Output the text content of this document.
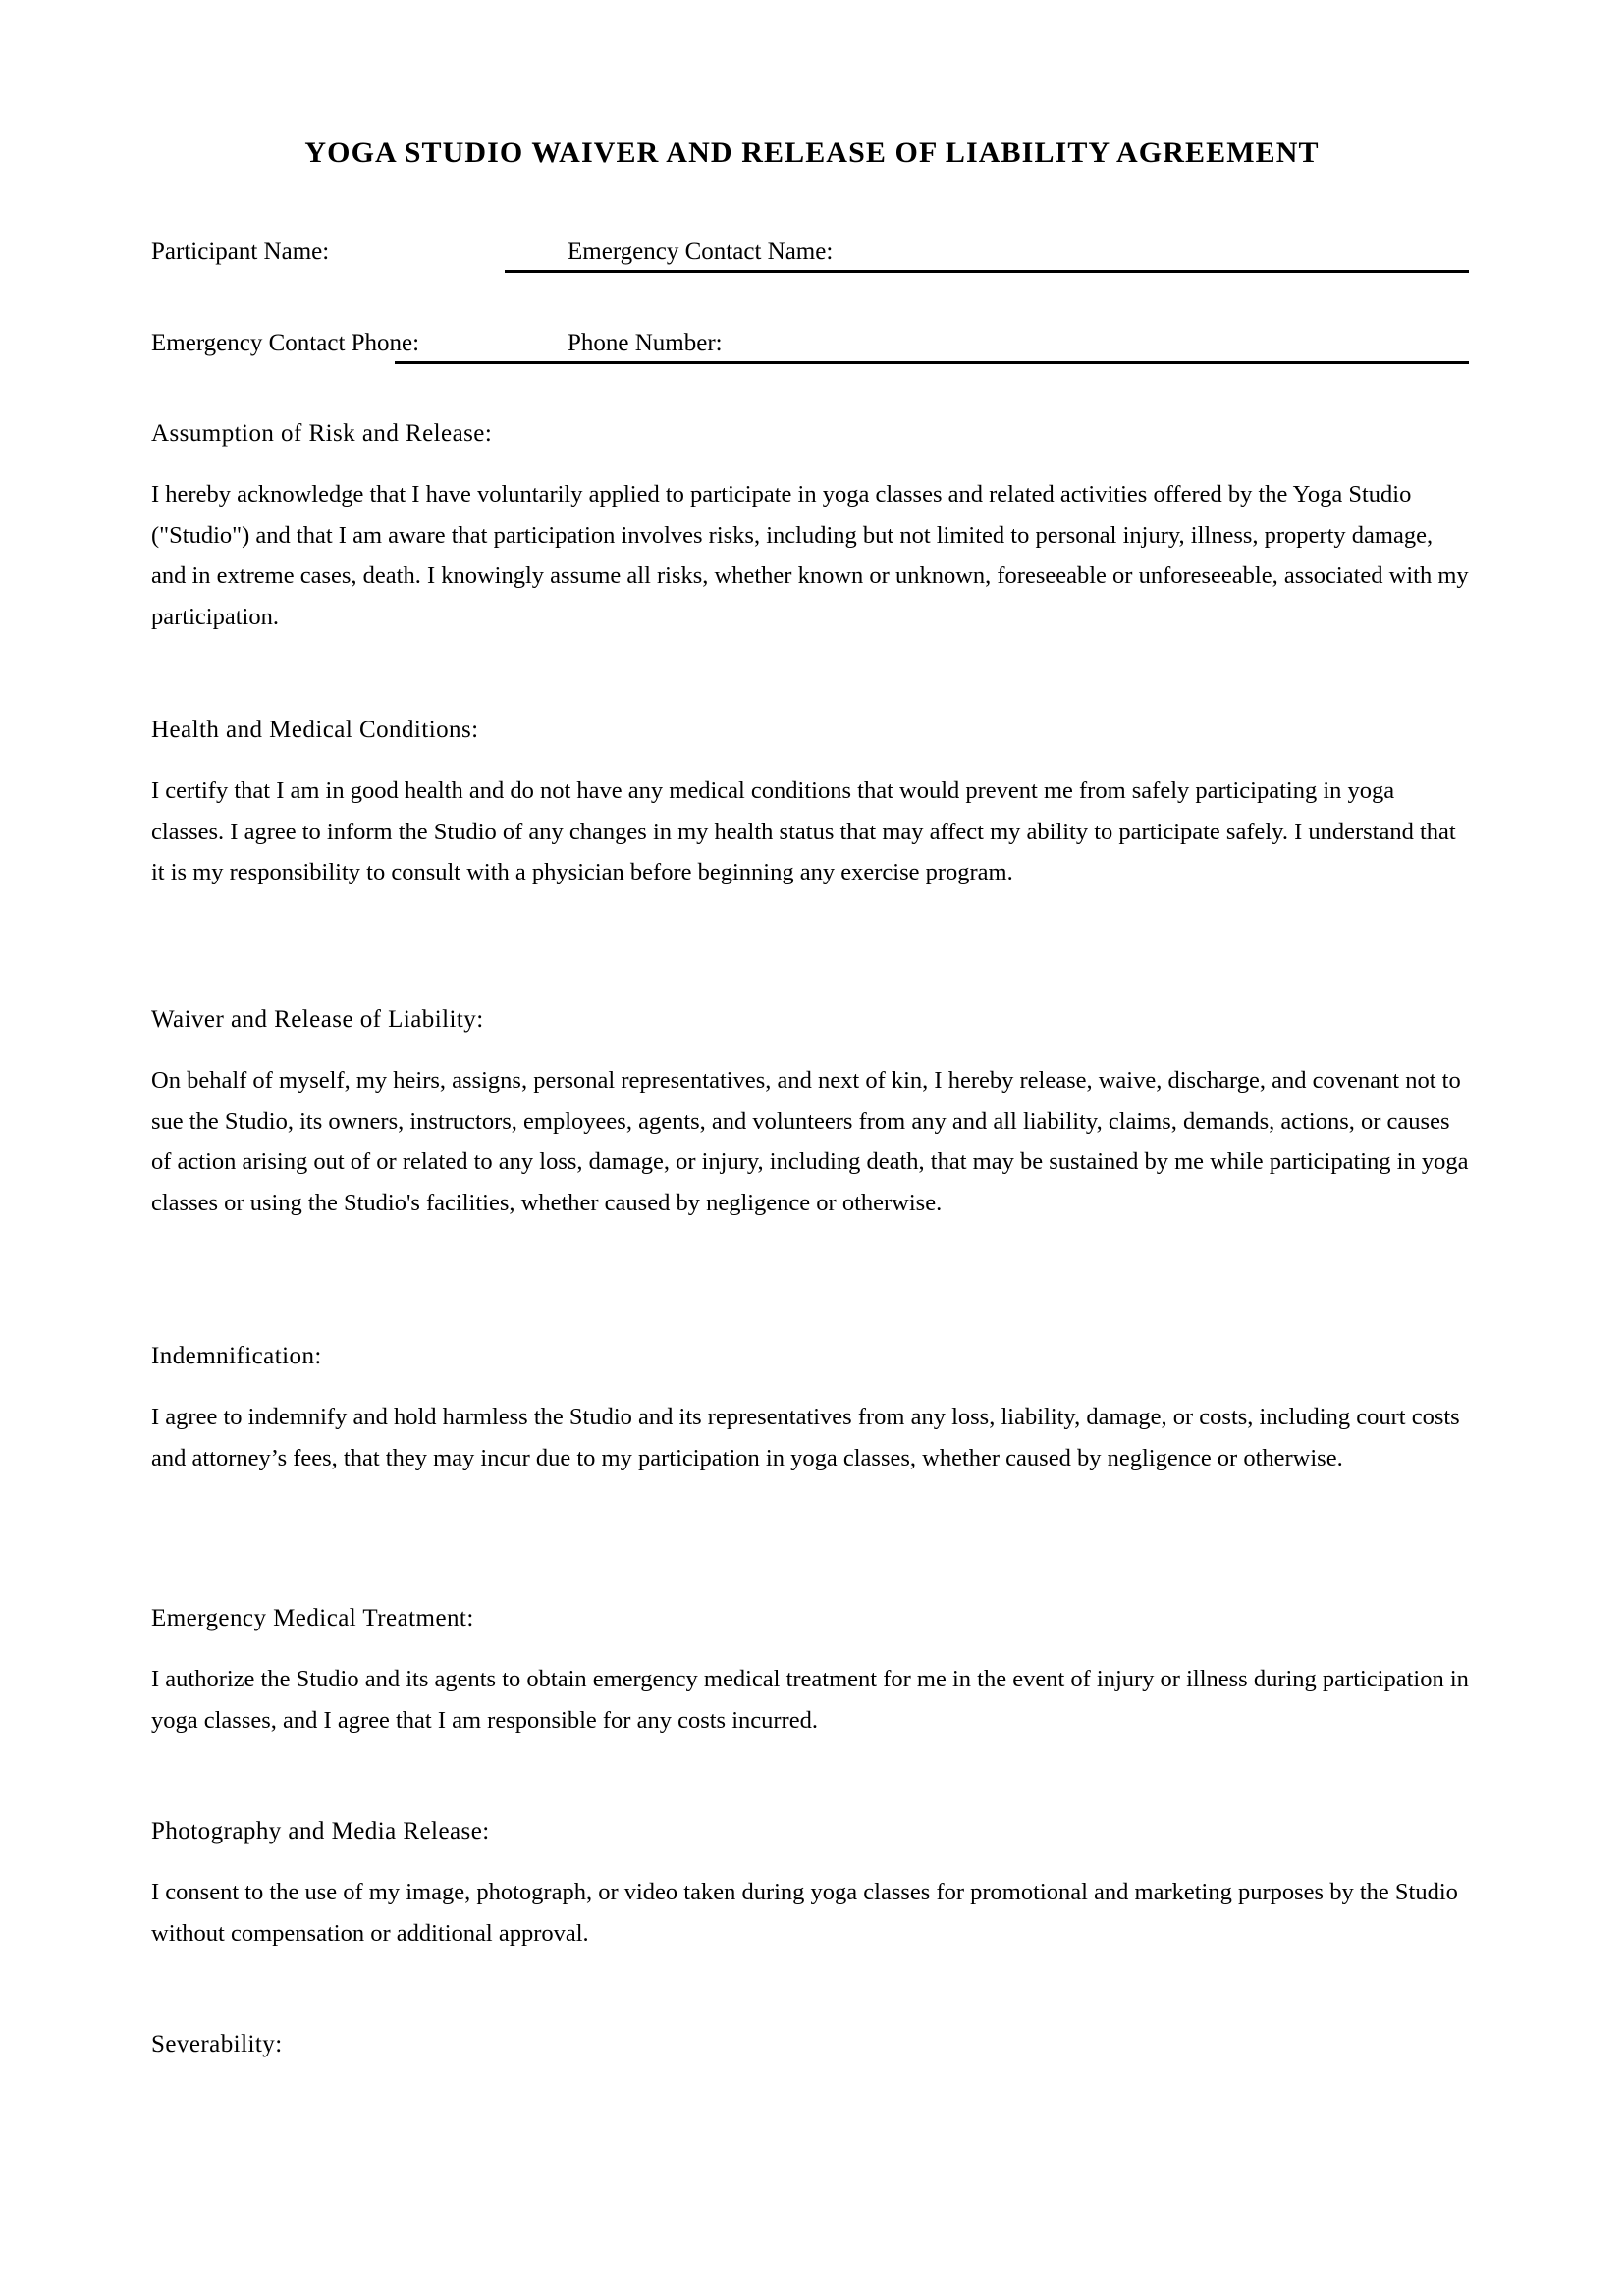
YOGA STUDIO WAIVER AND RELEASE OF LIABILITY AGREEMENT
Participant Name:	Emergency Contact Name:
Emergency Contact Phone:	Phone Number:
Assumption of Risk and Release:

I hereby acknowledge that I have voluntarily applied to participate in yoga classes and related activities offered by the Yoga Studio ("Studio") and that I am aware that participation involves risks, including but not limited to personal injury, illness, property damage, and in extreme cases, death. I knowingly assume all risks, whether known or unknown, foreseeable or unforeseeable, associated with my participation.

Health and Medical Conditions:

I certify that I am in good health and do not have any medical conditions that would prevent me from safely participating in yoga classes. I agree to inform the Studio of any changes in my health status that may affect my ability to participate safely. I understand that it is my responsibility to consult with a physician before beginning any exercise program.

Waiver and Release of Liability:

On behalf of myself, my heirs, assigns, personal representatives, and next of kin, I hereby release, waive, discharge, and covenant not to sue the Studio, its owners, instructors, employees, agents, and volunteers from any and all liability, claims, demands, actions, or causes of action arising out of or related to any loss, damage, or injury, including death, that may be sustained by me while participating in yoga classes or using the Studio's facilities, whether caused by negligence or otherwise.

Indemnification:

I agree to indemnify and hold harmless the Studio and its representatives from any loss, liability, damage, or costs, including court costs and attorney’s fees, that they may incur due to my participation in yoga classes, whether caused by negligence or otherwise.

Emergency Medical Treatment:

I authorize the Studio and its agents to obtain emergency medical treatment for me in the event of injury or illness during participation in yoga classes, and I agree that I am responsible for any costs incurred.

Photography and Media Release:

I consent to the use of my image, photograph, or video taken during yoga classes for promotional and marketing purposes by the Studio without compensation or additional approval.

Severability:
